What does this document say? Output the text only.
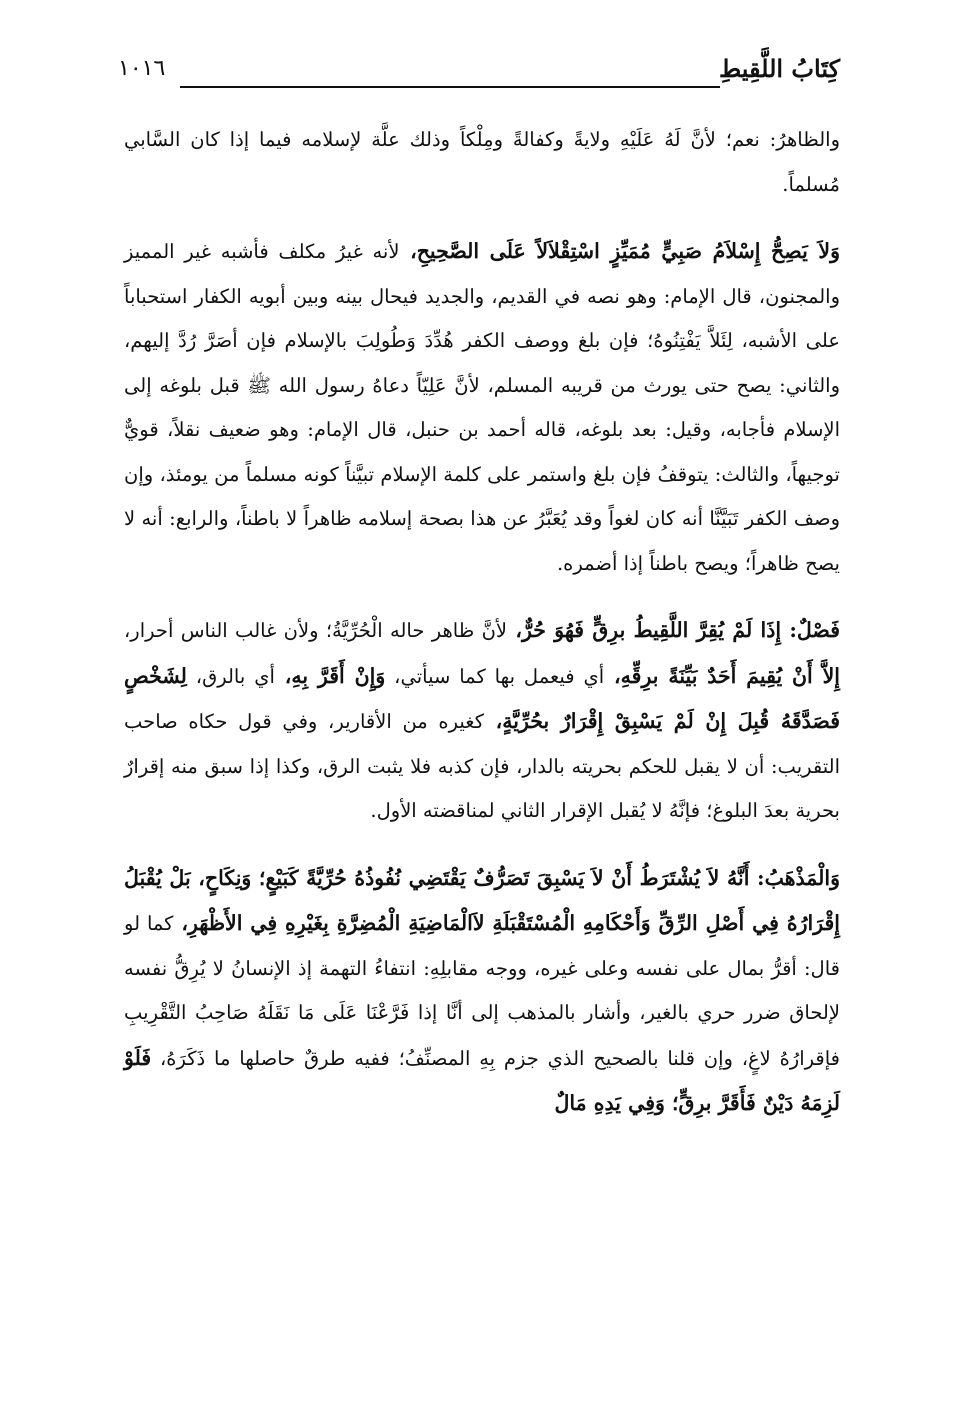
كِتَابُ اللَّقِيطِ
١٠١٦

والظاهرُ: نعم؛ لأنَّ لَهُ عَلَيْهِ ولايةً وكفالةً ومِلْكاً وذلك علَّة لإسلامه فيما إذا كان السَّابي مُسلماً.

وَلاَ يَصِحُّ إِسْلاَمُ صَبِيٍّ مُمَيِّزٍ اسْتِقْلاَلاً عَلَى الصَّحِيحِ، لأنه غيرُ مكلف فأشبه غير المميز والمجنون، قال الإمام: وهو نصه في القديم، والجديد فيحال بينه وبين أبويه الكفار استحباباً على الأشبه، لِئَلاَّ يَفْتِنُوهُ؛ فإن بلغ ووصف الكفر هُدِّدَ وَطُولِبَ بالإسلام فإن أصَرَّ رُدَّ إليهم، والثاني: يصح حتى يورث من قريبه المسلم، لأنَّ عَلِيّاً دعاهُ رسول الله ﷺ قبل بلوغه إلى الإسلام فأجابه، وقيل: بعد بلوغه، قاله أحمد بن حنبل، قال الإمام: وهو ضعيف نقلاً، قويٌّ توجيهاً، والثالث: يتوقفُ فإن بلغ واستمر على كلمة الإسلام تبيَّناً كونه مسلماً من يومئذ، وإن وصف الكفر تَبَيَّنَّا أنه كان لغواً وقد يُعَبَّرُ عن هذا بصحة إسلامه ظاهراً لا باطناً، والرابع: أنه لا يصح ظاهراً؛ ويصح باطناً إذا أضمره.

فَصْلٌ: إِذَا لَمْ يُقِرَّ اللَّقِيطُ برِقٍّ فَهُوَ حُرٌّ، لأنَّ ظاهر حاله الْحُرِّيَّةُ؛ ولأن غالب الناس أحرار، إِلاَّ أَنْ يُقِيمَ أَحَدٌ بَيِّنَةً برِقِّهِ، أي فيعمل بها كما سيأتي، وَإِنْ أَقَرَّ بِهِ، أي بالرق، لِشَخْصٍ فَصَدَّقَهُ قُبِلَ إِنْ لَمْ يَسْبِقْ إِقْرَارٌ بحُرِّيَّةٍ، كغيره من الأقارير، وفي قول حكاه صاحب التقريب: أن لا يقبل للحكم بحريته بالدار، فإن كذبه فلا يثبت الرق، وكذا إذا سبق منه إقرارٌ بحرية بعدَ البلوغ؛ فإنَّهُ لا يُقبل الإقرار الثاني لمناقضته الأول.

وَالْمَذْهَبُ: أَنَّهُ لاَ يُشْتَرَطُ أَنْ لاَ يَسْبِقَ تَصَرُّفٌ يَقْتَضِي نُفُوذُهُ حُرِّيَّةً كَبَيْعٍ؛ وَنِكَاحٍ، بَلْ يُقْبَلُ إِقْرَارُهُ فِي أَصْلِ الرِّقِّ وَأَحْكَامِهِ الْمُسْتَقْبَلَةِ لاَالْمَاضِيَةِ الْمُضِرَّةِ بِغَيْرِهِ فِي الأَظْهَرِ، كما لو قال: أقرُّ بمال على نفسه وعلى غيره، ووجه مقابلِهِ: انتفاءُ التهمة إذ الإنسانُ لا يُرِقُّ نفسه لإلحاق ضرر حري بالغير، وأشار بالمذهب إلى أنَّا إذا فَرَّعْنَا عَلَى مَا نَقَلَهُ صَاحِبُ التَّقْرِيبِ فإقرارُهُ لاغٍ، وإن قلنا بالصحيح الذي جزم بِهِ المصنِّفُ؛ ففيه طرقٌ حاصلها ما ذَكَرَهُ، فَلَوْ لَزِمَهُ دَيْنٌ فَأَقَرَّ برِقٍّ؛ وَفِي يَدِهِ مَالٌ
